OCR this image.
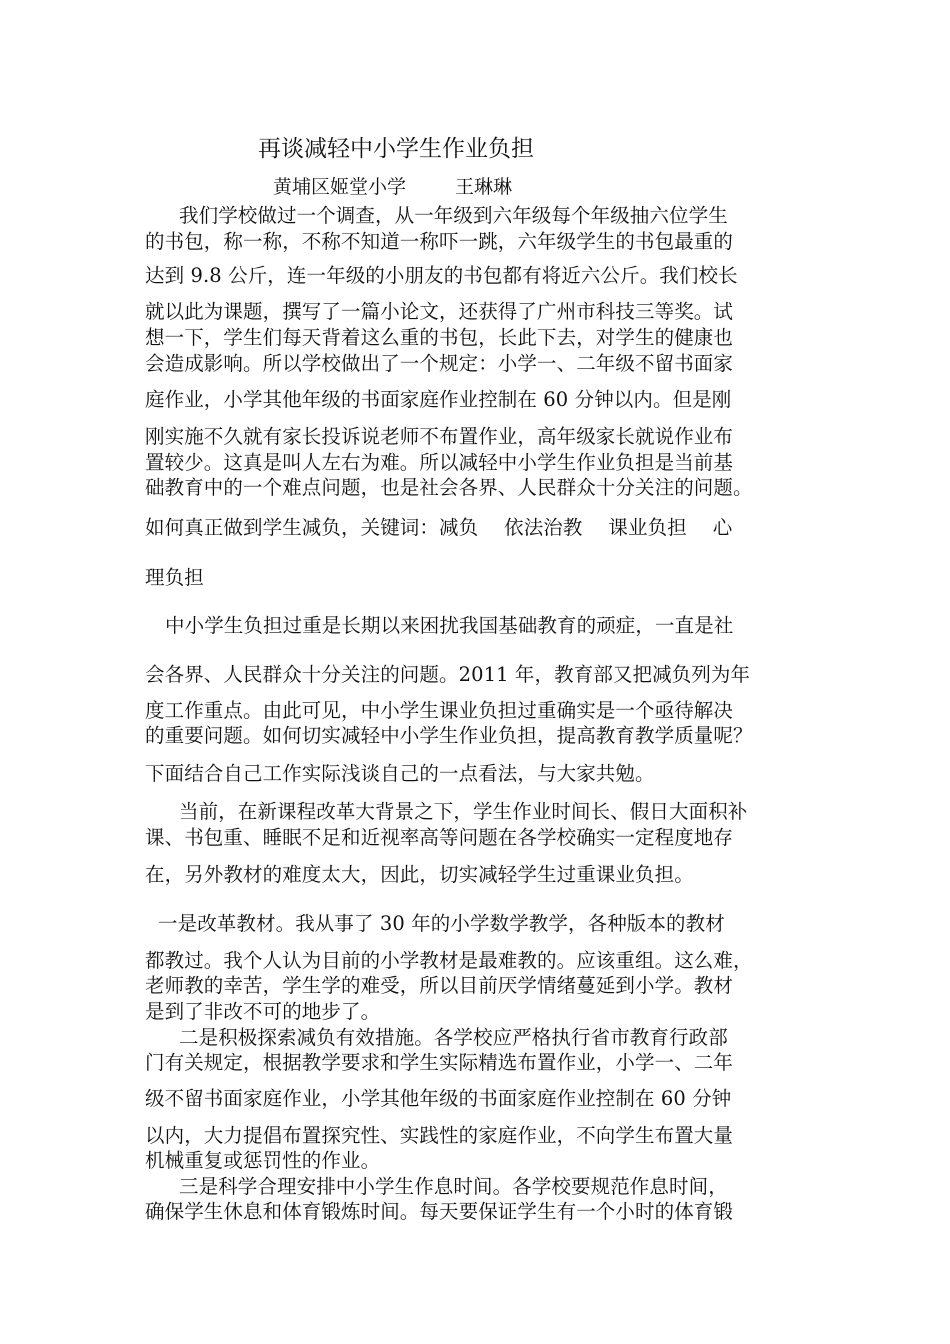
再谈减轻中小学生作业负担
黄埔区姬堂小学	王琳琳
我们学校做过一个调查，从一年级到六年级每个年级抽六位学生
的书包，称一称，不称不知道一称吓一跳，六年级学生的书包最重的
达到 9.8 公斤，连一年级的小朋友的书包都有将近六公斤。我们校长
就以此为课题，撰写了一篇小论文，还获得了广州市科技三等奖。试
想一下，学生们每天背着这么重的书包，长此下去，对学生的健康也
会造成影响。所以学校做出了一个规定：小学一、二年级不留书面家
庭作业，小学其他年级的书面家庭作业控制在 60 分钟以内。但是刚
刚实施不久就有家长投诉说老师不布置作业，高年级家长就说作业布
置较少。这真是叫人左右为难。所以减轻中小学生作业负担是当前基
础教育中的一个难点问题，也是社会各界、人民群众十分关注的问题。
如何真正做到学生减负，关键词：减负　 依法治教　 课业负担　 心
理负担
中小学生负担过重是长期以来困扰我国基础教育的顽症，一直是社
会各界、人民群众十分关注的问题。2011 年，教育部又把减负列为年
度工作重点。由此可见，中小学生课业负担过重确实是一个亟待解决
的重要问题。如何切实减轻中小学生作业负担，提高教育教学质量呢？
下面结合自己工作实际浅谈自己的一点看法，与大家共勉。
当前，在新课程改革大背景之下，学生作业时间长、假日大面积补
课、书包重、睡眠不足和近视率高等问题在各学校确实一定程度地存
在，另外教材的难度太大，因此，切实减轻学生过重课业负担。
一是改革教材。我从事了 30 年的小学数学教学，各种版本的教材
都教过。我个人认为目前的小学教材是最难教的。应该重组。这么难，
老师教的幸苦，学生学的难受，所以目前厌学情绪蔓延到小学。教材
是到了非改不可的地步了。
二是积极探索减负有效措施。各学校应严格执行省市教育行政部
门有关规定，根据教学要求和学生实际精选布置作业，小学一、二年
级不留书面家庭作业，小学其他年级的书面家庭作业控制在 60 分钟
以内，大力提倡布置探究性、实践性的家庭作业，不向学生布置大量
机械重复或惩罚性的作业。
三是科学合理安排中小学生作息时间。各学校要规范作息时间，
确保学生休息和体育锻炼时间。每天要保证学生有一个小时的体育锻
